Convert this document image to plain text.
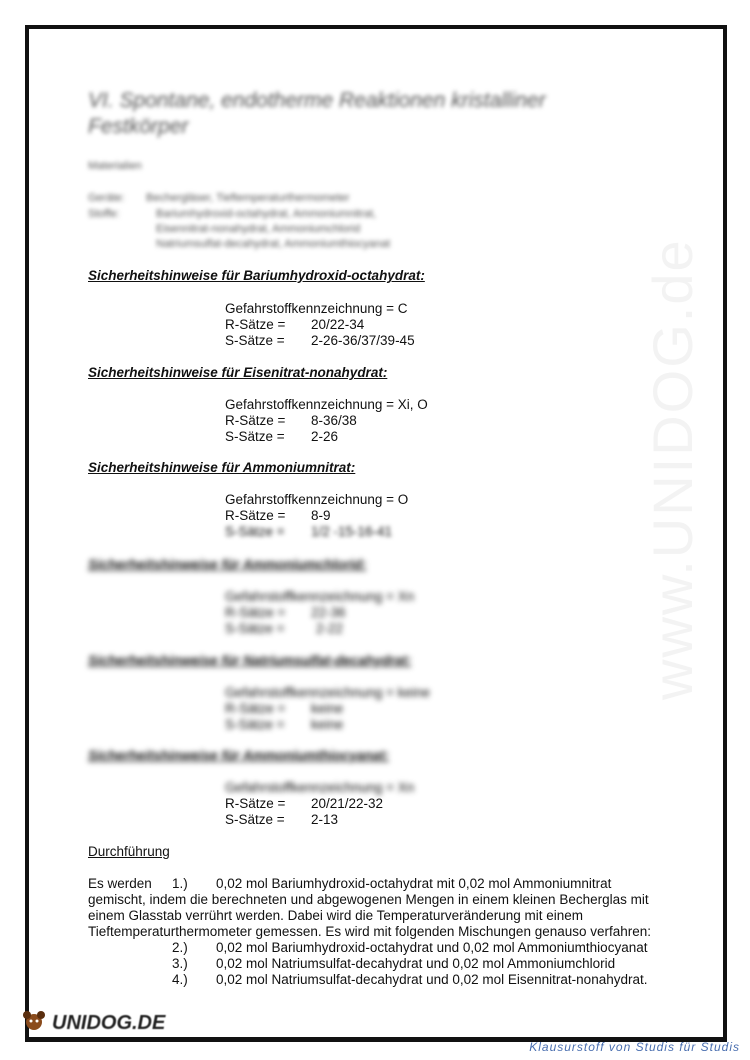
www.UNIDOG.de
VI. Spontane, endotherme Reaktionen kristalliner
Festkörper
Materialien
Geräte: Bechergläser, Tieftemperaturthermometer
Stoffe:	Bariumhydroxid-octahydrat, Ammoniumnitrat,
Eisennitrat-nonahydrat, Ammoniumchlorid
Natriumsulfat-decahydrat, Ammoniumthiocyanat
Sicherheitshinweise für Bariumhydroxid-octahydrat:
Gefahrstoffkennzeichnung = C
R-Sätze = 20/22-34
S-Sätze = 2-26-36/37/39-45
Sicherheitshinweise für Eisenitrat-nonahydrat:
Gefahrstoffkennzeichnung = Xi, O
R-Sätze = 8-36/38
S-Sätze = 2-26
Sicherheitshinweise für Ammoniumnitrat:
Gefahrstoffkennzeichnung = O
R-Sätze = 8-9
S-Sätze = 1/2 -15-16-41
Sicherheitshinweise für Ammoniumchlorid:
Gefahrstoffkennzeichnung = Xn
R-Sätze = 22-36
S-Sätze = 2-22
Sicherheitshinweise für Natriumsulfat-decahydrat:
Gefahrstoffkennzeichnung = keine
R-Sätze = keine
S-Sätze = keine
Sicherheitshinweise für Ammoniumthiocyanat:
Gefahrstoffkennzeichnung = Xn
R-Sätze = 20/21/22-32
S-Sätze = 2-13
Durchführung
Es werden 1.) 0,02 mol Bariumhydroxid-octahydrat mit 0,02 mol Ammoniumnitrat
gemischt, indem die berechneten und abgewogenen Mengen in einem kleinen Becherglas mit einem Glasstab verrührt werden. Dabei wird die Temperaturveränderung mit einem Tieftemperaturthermometer gemessen. Es wird mit folgenden Mischungen genauso verfahren:
2.) 0,02 mol Bariumhydroxid-octahydrat und 0,02 mol Ammoniumthiocyanat
3.) 0,02 mol Natriumsulfat-decahydrat und 0,02 mol Ammoniumchlorid
4.) 0,02 mol Natriumsulfat-decahydrat und 0,02 mol Eisennitrat-nonahydrat.
UNIDOG.DE
Klausurstoff von Studis für Studis
